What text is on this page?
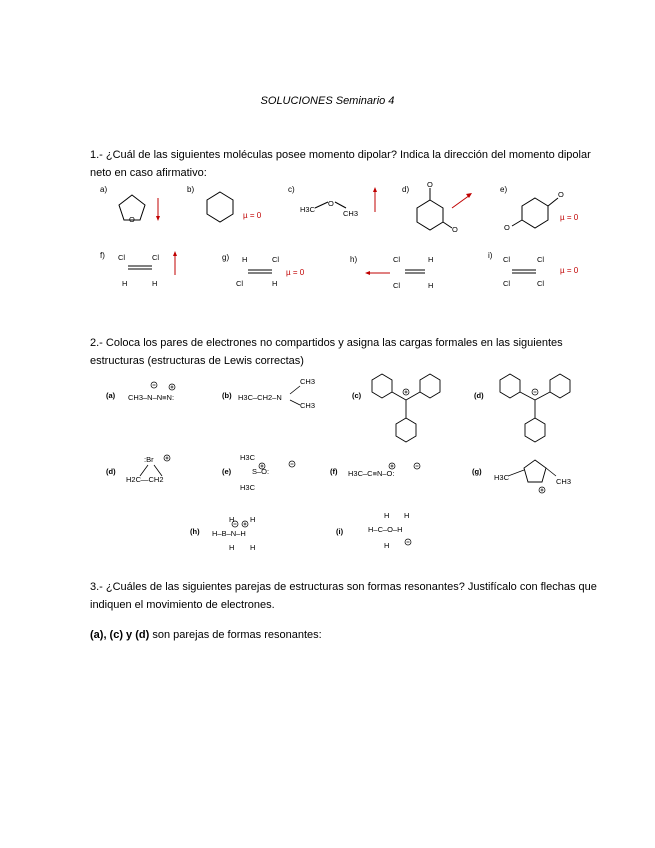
SOLUCIONES Seminario 4
1.- ¿Cuál de las siguientes moléculas posee momento dipolar? Indica la dirección del momento dipolar neto en caso afirmativo:
a)	b)	c)	d)	e)
O	µ = 0
H3C
O
CH3
O
O
O
O
µ = 0
f)	g)	h)	i)
Cl	Cl
H	H
H	Cl
Cl	H
µ = 0
Cl
Cl
H
H
Cl	Cl
Cl	Cl
µ = 0
2.- Coloca los pares de electrones no compartidos y asigna las cargas formales en las siguientes estructuras (estructuras de Lewis correctas)
(a) CH3–N–N≡N:	(b) H3C–CH2–N
CH3
CH3
(c)	(d)
(d)
:Br
H2C—CH2
(e)
H3C
S–O:
H3C
(f) H3C–C≡N–O:	(g)
H3C	CH3
(h) H–B–N–H
H H
H H
(i)	H–C–O–H
H H
H
3.- ¿Cuáles de las siguientes parejas de estructuras son formas resonantes? Justifícalo con flechas que indiquen el movimiento de electrones.
(a), (c) y (d) son parejas de formas resonantes:
